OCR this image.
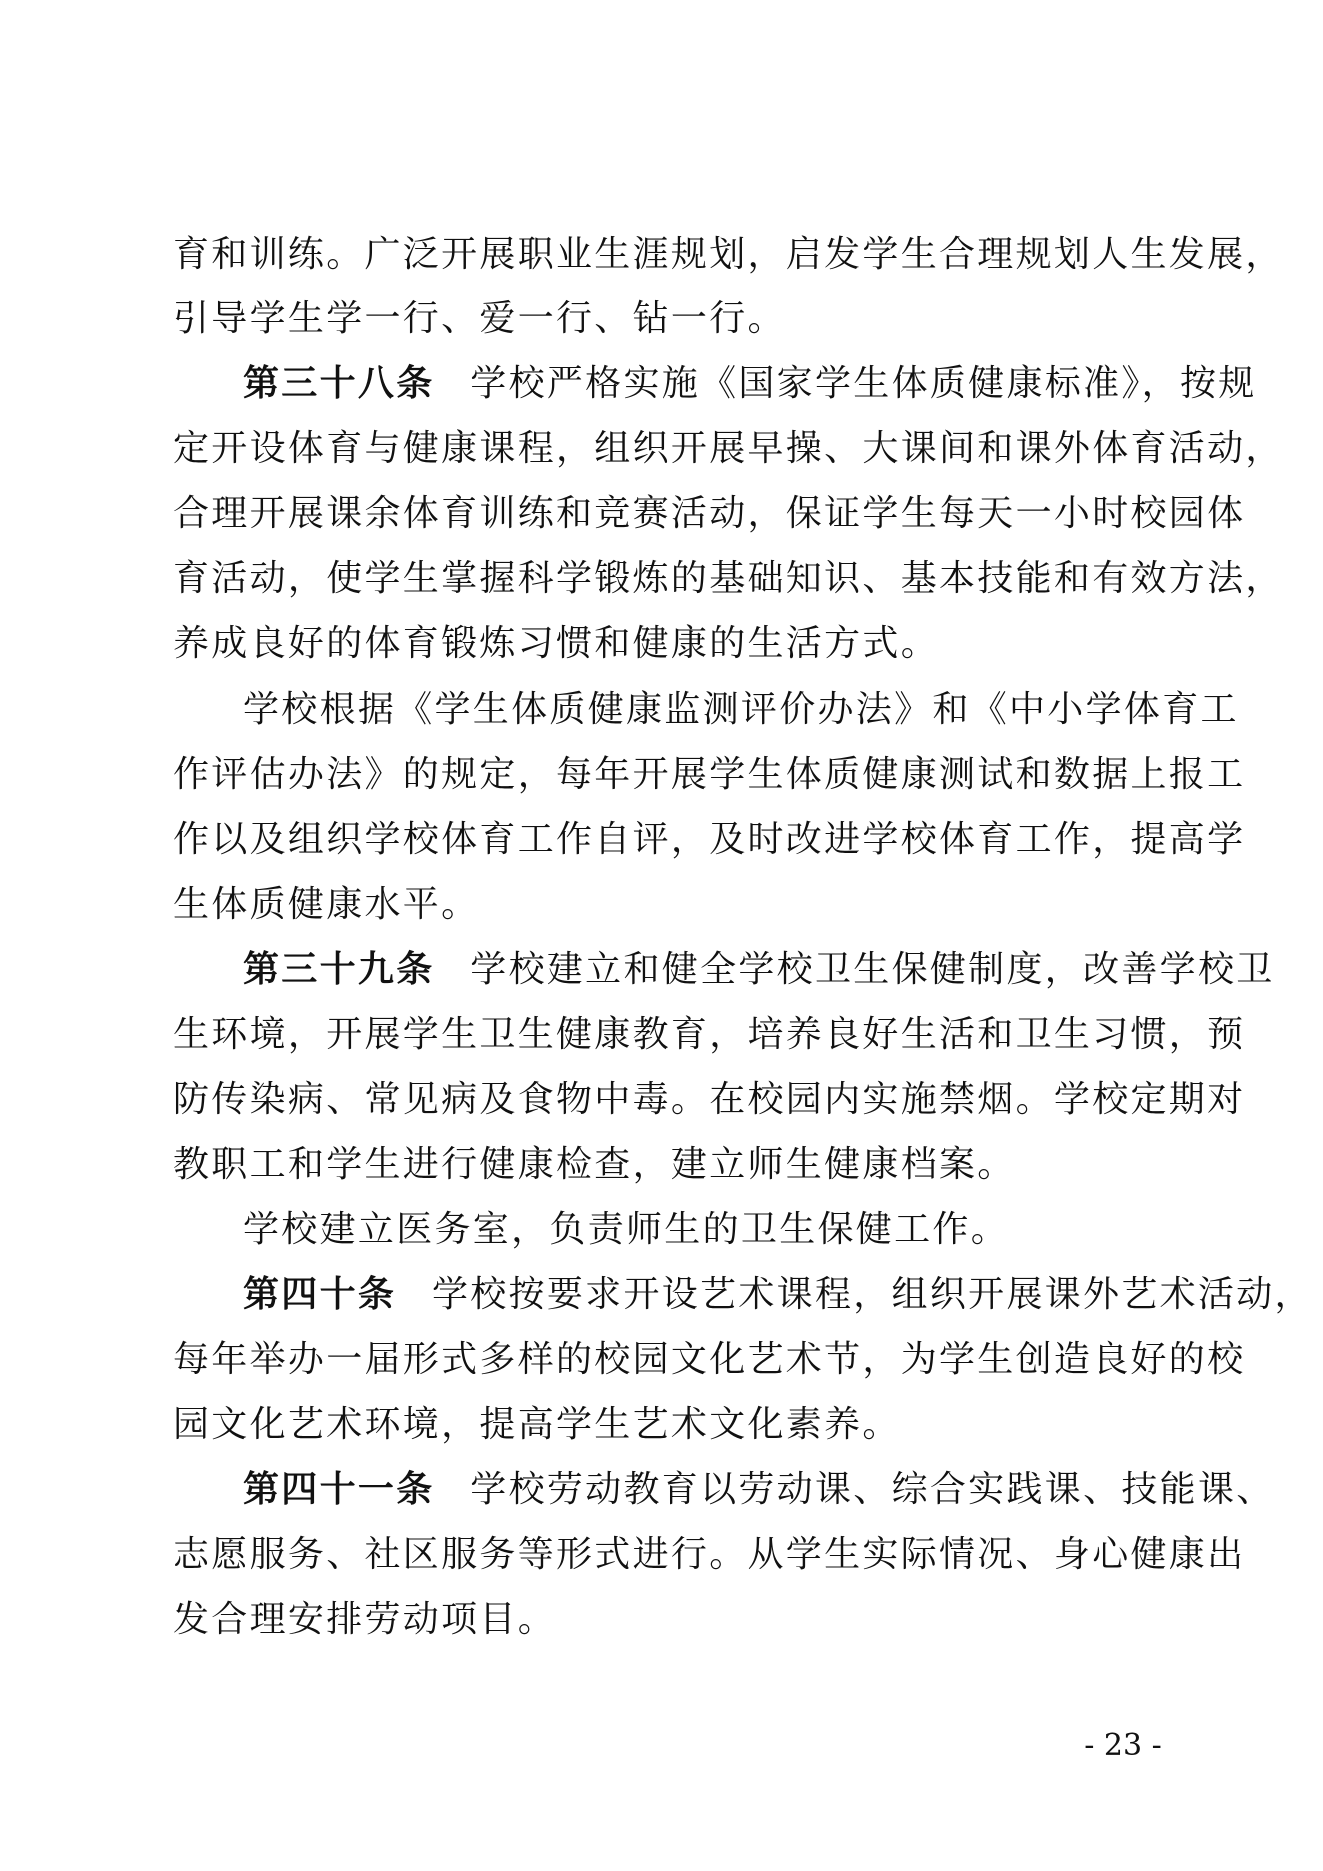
育和训练。广泛开展职业生涯规划，启发学生合理规划人生发展，
引导学生学一行、爱一行、钻一行。
第三十八条 学校严格实施《国家学生体质健康标准》，按规
定开设体育与健康课程，组织开展早操、大课间和课外体育活动，
合理开展课余体育训练和竞赛活动，保证学生每天一小时校园体
育活动，使学生掌握科学锻炼的基础知识、基本技能和有效方法，
养成良好的体育锻炼习惯和健康的生活方式。
学校根据《学生体质健康监测评价办法》和《中小学体育工
作评估办法》的规定，每年开展学生体质健康测试和数据上报工
作以及组织学校体育工作自评，及时改进学校体育工作，提高学
生体质健康水平。
第三十九条 学校建立和健全学校卫生保健制度，改善学校卫
生环境，开展学生卫生健康教育，培养良好生活和卫生习惯，预
防传染病、常见病及食物中毒。在校园内实施禁烟。学校定期对
教职工和学生进行健康检查，建立师生健康档案。
学校建立医务室，负责师生的卫生保健工作。
第四十条 学校按要求开设艺术课程，组织开展课外艺术活动，
每年举办一届形式多样的校园文化艺术节，为学生创造良好的校
园文化艺术环境，提高学生艺术文化素养。
第四十一条 学校劳动教育以劳动课、综合实践课、技能课、
志愿服务、社区服务等形式进行。从学生实际情况、身心健康出
发合理安排劳动项目。
- 23 -
